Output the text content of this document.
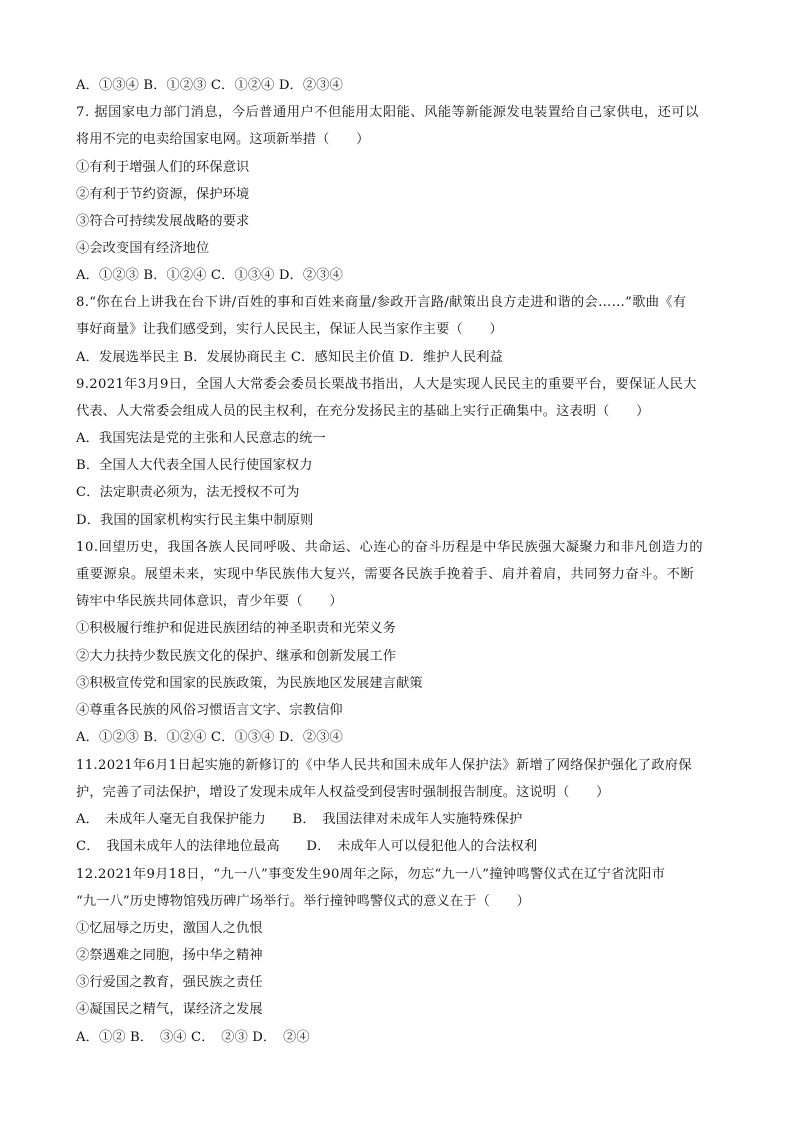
A．①③④ B．①②③ C．①②④ D．②③④
7. 据国家电力部门消息，今后普通用户不但能用太阳能、风能等新能源发电装置给自己家供电，还可以
将用不完的电卖给国家电网。这项新举措（　　）
①有利于增强人们的环保意识
②有利于节约资源，保护环境
③符合可持续发展战略的要求
④会改变国有经济地位
A．①②③ B．①②④ C．①③④ D．②③④
8.“你在台上讲我在台下讲/百姓的事和百姓来商量/参政开言路/献策出良方走进和谐的会……”歌曲《有
事好商量》让我们感受到，实行人民民主，保证人民当家作主要（　　）
A．发展选举民主 B．发展协商民主 C．感知民主价值 D．维护人民利益
9.2021年3月9日，全国人大常委会委员长栗战书指出，人大是实现人民民主的重要平台，要保证人民大
代表、人大常委会组成人员的民主权利，在充分发扬民主的基础上实行正确集中。这表明（　　）
A．我国宪法是党的主张和人民意志的统一
B．全国人大代表全国人民行使国家权力
C．法定职责必须为，法无授权不可为
D．我国的国家机构实行民主集中制原则
10.回望历史，我国各族人民同呼吸、共命运、心连心的奋斗历程是中华民族强大凝聚力和非凡创造力的
重要源泉。展望未来，实现中华民族伟大复兴，需要各民族手挽着手、肩并着肩，共同努力奋斗。不断
铸牢中华民族共同体意识，青少年要（　　）
①积极履行维护和促进民族团结的神圣职责和光荣义务
②大力扶持少数民族文化的保护、继承和创新发展工作
③积极宣传党和国家的民族政策，为民族地区发展建言献策
④尊重各民族的风俗习惯语言文字、宗教信仰
A．①②③ B．①②④ C．①③④ D．②③④
11.2021年6月1日起实施的新修订的《中华人民共和国未成年人保护法》新增了网络保护强化了政府保
护，完善了司法保护，增设了发现未成年人权益受到侵害时强制报告制度。这说明（　　）
A．　未成年人毫无自我保护能力　　B．　我国法律对未成年人实施特殊保护
C．　我国未成年人的法律地位最高　　D．　未成年人可以侵犯他人的合法权利
12.2021年9月18日，“九一八”事变发生90周年之际，勿忘“九一八”撞钟鸣警仪式在辽宁省沈阳市
“九一八”历史博物馆残历碑广场举行。举行撞钟鸣警仪式的意义在于（　　）
①忆屈辱之历史，激国人之仇恨
②祭遇难之同胞，扬中华之精神
③行爱国之教育，强民族之责任
④凝国民之精气，谋经济之发展
A．①② B．　③④ C．　②③ D．　②④
